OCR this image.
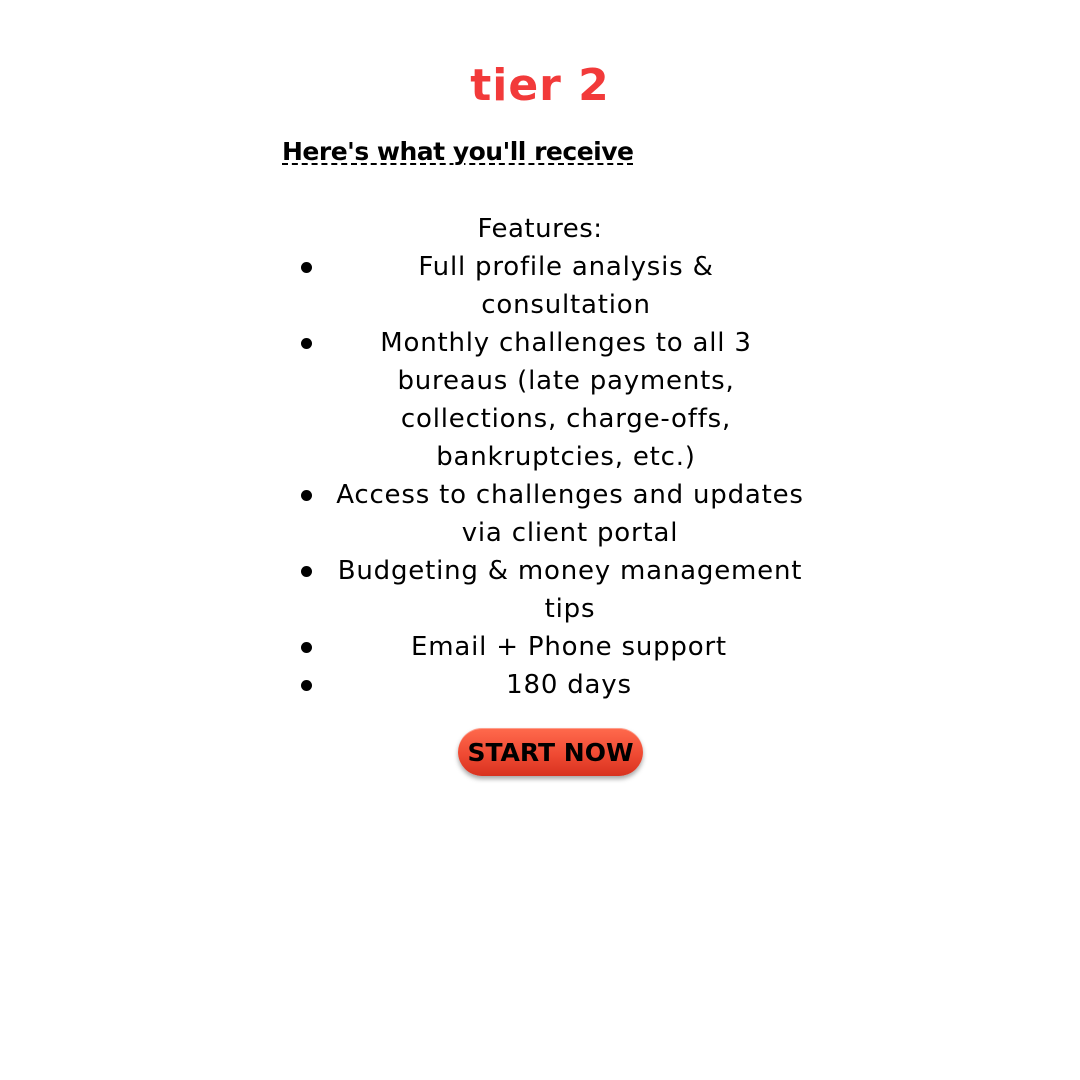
tier 2
Here's what you'll receive
Features:
Full profile analysis & consultation
Monthly challenges to all 3 bureaus (late payments, collections, charge-offs, bankruptcies, etc.)
Access to challenges and updates via client portal
Budgeting & money management tips
Email + Phone support
180 days
START NOW
